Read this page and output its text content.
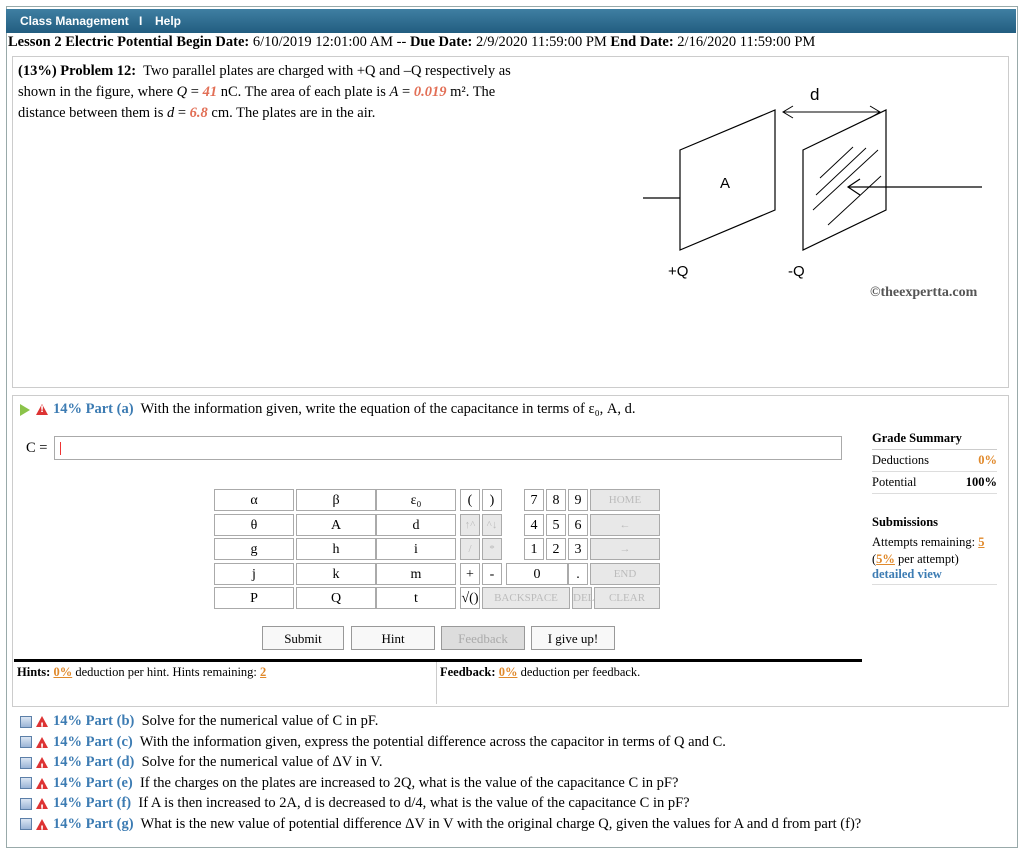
Class Management I Help
Lesson 2 Electric Potential Begin Date: 6/10/2019 12:01:00 AM -- Due Date: 2/9/2020 11:59:00 PM End Date: 2/16/2020 11:59:00 PM
(13%) Problem 12: Two parallel plates are charged with +Q and –Q respectively as
shown in the figure, where Q = 41 nC. The area of each plate is A = 0.019 m². The
distance between them is d = 6.8 cm. The plates are in the air.
d
A
+Q	-Q
©theexpertta.com
!14% Part (a) With the information given, write the equation of the capacitance in terms of ε₀, A, d.
C =
Grade Summary
Deductions	0%
Potential	100%
Submissions
Attempts remaining: 5
(5% per attempt)
detailed view
α	β	ε₀
θ	A	d
g	h	i
j	k	m
P	Q	t
(	)
↑^	^↓
/	*
+	-
√()
7	8	9
4	5	6
1	2	3
0	.
HOME
←
→
END
BACKSPACE	DEL	CLEAR
Submit	Hint	Feedback	I give up!
Hints: 0% deduction per hint. Hints remaining: 2	Feedback: 0% deduction per feedback.
!14% Part (b) Solve for the numerical value of C in pF.
!14% Part (c) With the information given, express the potential difference across the capacitor in terms of Q and C.
!14% Part (d) Solve for the numerical value of ΔV in V.
!14% Part (e) If the charges on the plates are increased to 2Q, what is the value of the capacitance C in pF?
!14% Part (f) If A is then increased to 2A, d is decreased to d/4, what is the value of the capacitance C in pF?
!14% Part (g) What is the new value of potential difference ΔV in V with the original charge Q, given the values for A and d from part (f)?
